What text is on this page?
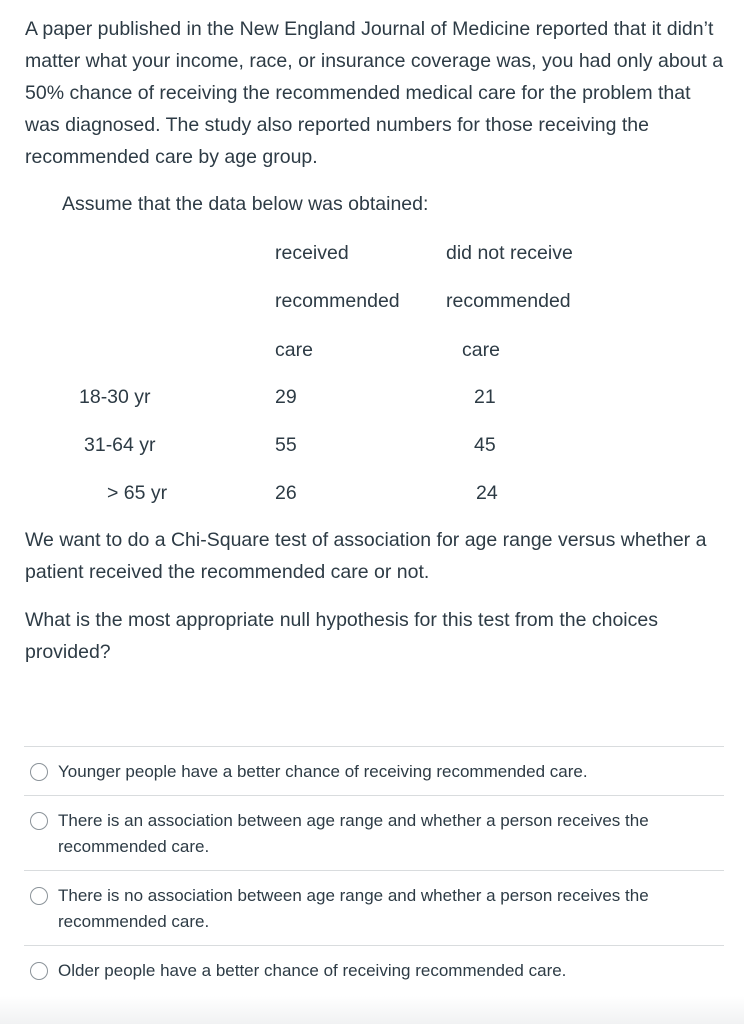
A paper published in the New England Journal of Medicine reported that it didn’t matter what your income, race, or insurance coverage was, you had only about a 50% chance of receiving the recommended medical care for the problem that was diagnosed. The study also reported numbers for those receiving the recommended care by age group.
Assume that the data below was obtained:
received
recommended
care
did not receive
recommended
care
18-30 yr	29	21
31-64 yr	55	45
> 65 yr	26	24
We want to do a Chi-Square test of association for age range versus whether a patient received the recommended care or not.
What is the most appropriate null hypothesis for this test from the choices provided?
Younger people have a better chance of receiving recommended care.
There is an association between age range and whether a person receives the recommended care.
There is no association between age range and whether a person receives the recommended care.
Older people have a better chance of receiving recommended care.
